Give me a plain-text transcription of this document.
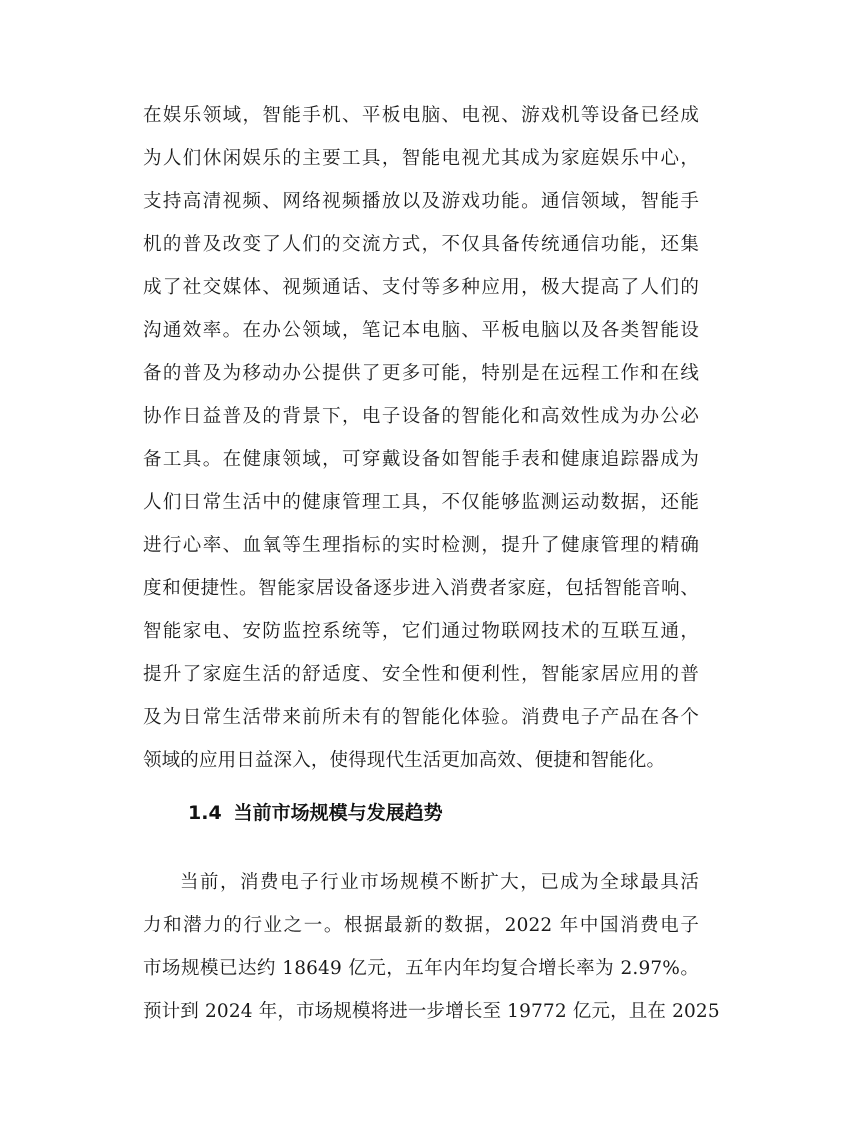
在娱乐领域，智能手机、平板电脑、电视、游戏机等设备已经成
为人们休闲娱乐的主要工具，智能电视尤其成为家庭娱乐中心，
支持高清视频、网络视频播放以及游戏功能。通信领域，智能手
机的普及改变了人们的交流方式，不仅具备传统通信功能，还集
成了社交媒体、视频通话、支付等多种应用，极大提高了人们的
沟通效率。在办公领域，笔记本电脑、平板电脑以及各类智能设
备的普及为移动办公提供了更多可能，特别是在远程工作和在线
协作日益普及的背景下，电子设备的智能化和高效性成为办公必
备工具。在健康领域，可穿戴设备如智能手表和健康追踪器成为
人们日常生活中的健康管理工具，不仅能够监测运动数据，还能
进行心率、血氧等生理指标的实时检测，提升了健康管理的精确
度和便捷性。智能家居设备逐步进入消费者家庭，包括智能音响、
智能家电、安防监控系统等，它们通过物联网技术的互联互通，
提升了家庭生活的舒适度、安全性和便利性，智能家居应用的普
及为日常生活带来前所未有的智能化体验。消费电子产品在各个
领域的应用日益深入，使得现代生活更加高效、便捷和智能化。
1.4 当前市场规模与发展趋势
当前，消费电子行业市场规模不断扩大，已成为全球最具活
力和潜力的行业之一。根据最新的数据，2022 年中国消费电子
市场规模已达约 18649 亿元，五年内年均复合增长率为 2.97%。
预计到 2024 年，市场规模将进一步增长至 19772 亿元，且在 2025
